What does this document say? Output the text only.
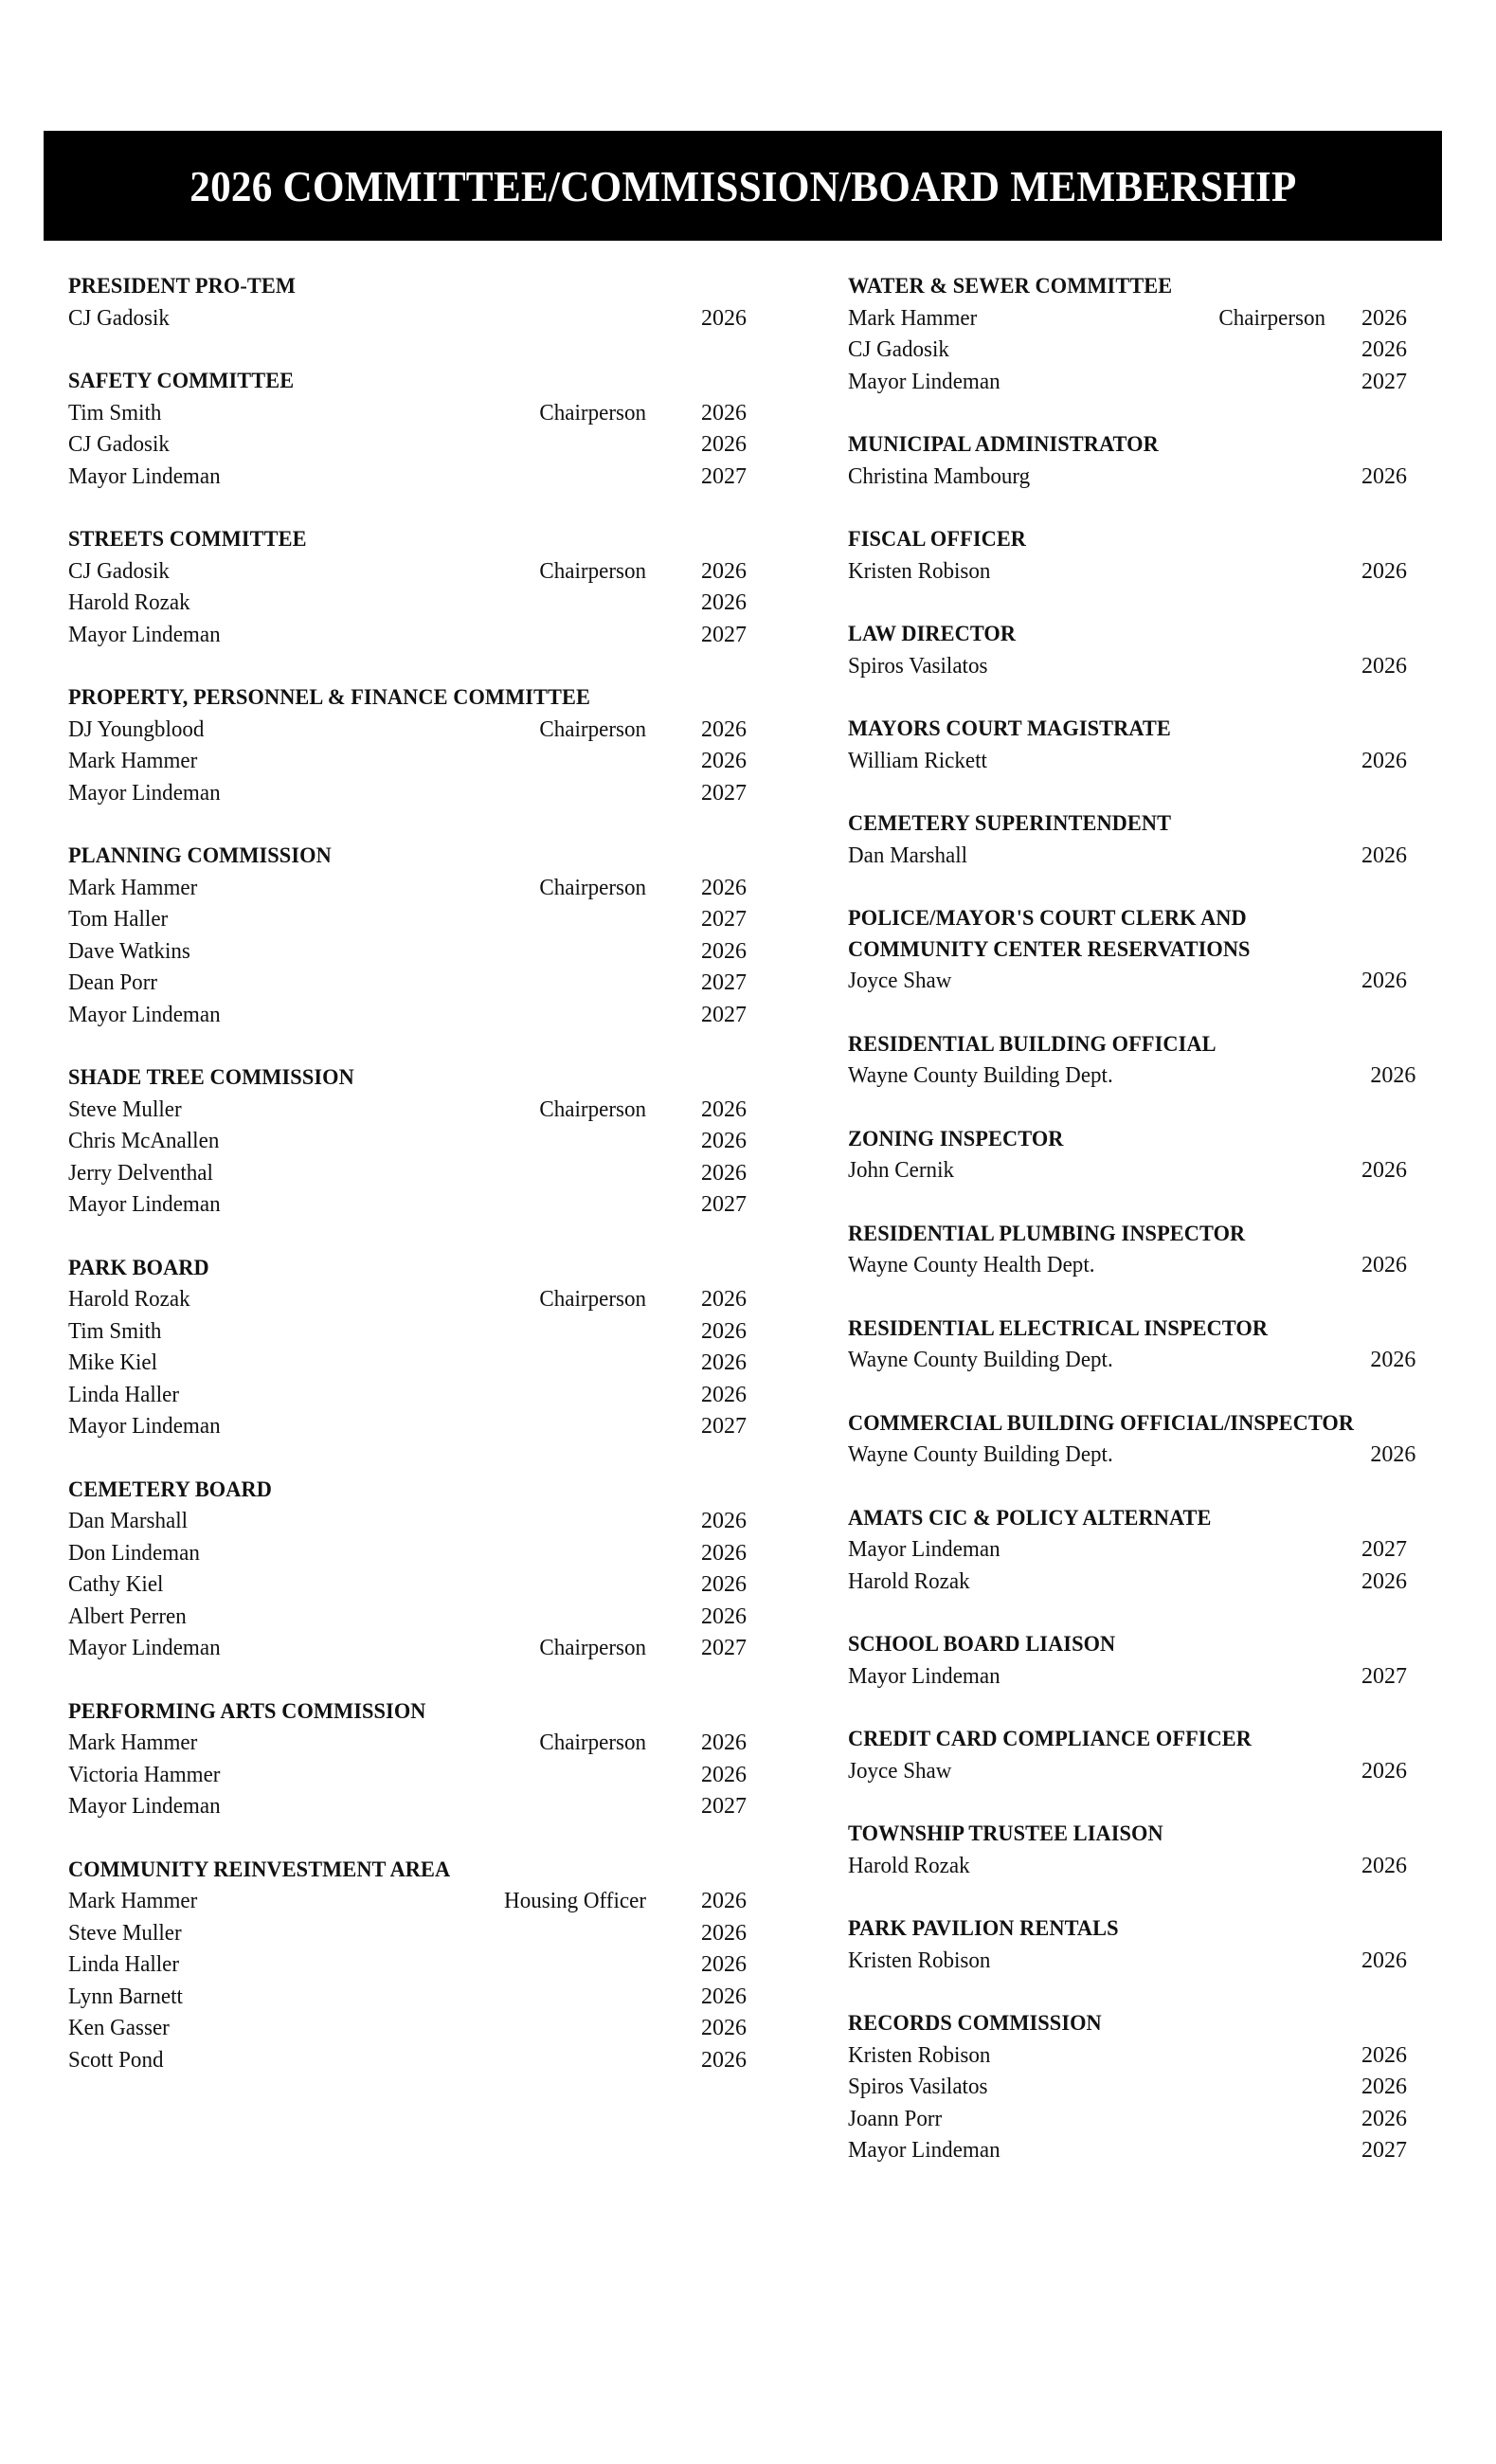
2026 COMMITTEE/COMMISSION/BOARD MEMBERSHIP
PRESIDENT PRO-TEM
CJ Gadosik	2026
SAFETY COMMITTEE
Tim Smith	Chairperson	2026
CJ Gadosik	2026
Mayor Lindeman	2027
STREETS COMMITTEE
CJ Gadosik	Chairperson	2026
Harold Rozak	2026
Mayor Lindeman	2027
PROPERTY, PERSONNEL & FINANCE COMMITTEE
DJ Youngblood	Chairperson	2026
Mark Hammer	2026
Mayor Lindeman	2027
PLANNING COMMISSION
Mark Hammer	Chairperson	2026
Tom Haller	2027
Dave Watkins	2026
Dean Porr	2027
Mayor Lindeman	2027
SHADE TREE COMMISSION
Steve Muller	Chairperson	2026
Chris McAnallen	2026
Jerry Delventhal	2026
Mayor Lindeman	2027
PARK BOARD
Harold Rozak	Chairperson	2026
Tim Smith	2026
Mike Kiel	2026
Linda Haller	2026
Mayor Lindeman	2027
CEMETERY BOARD
Dan Marshall	2026
Don Lindeman	2026
Cathy Kiel	2026
Albert Perren	2026
Mayor Lindeman	Chairperson	2027
PERFORMING ARTS COMMISSION
Mark Hammer	Chairperson	2026
Victoria Hammer	2026
Mayor Lindeman	2027
COMMUNITY REINVESTMENT AREA
Mark Hammer	Housing Officer	2026
Steve Muller	2026
Linda Haller	2026
Lynn Barnett	2026
Ken Gasser	2026
Scott Pond	2026
WATER & SEWER COMMITTEE
Mark Hammer	Chairperson	2026
CJ Gadosik	2026
Mayor Lindeman	2027
MUNICIPAL ADMINISTRATOR
Christina Mambourg	2026
FISCAL OFFICER
Kristen Robison	2026
LAW DIRECTOR
Spiros Vasilatos	2026
MAYORS COURT MAGISTRATE
William Rickett	2026
CEMETERY SUPERINTENDENT
Dan Marshall	2026
POLICE/MAYOR'S COURT CLERK AND
COMMUNITY CENTER RESERVATIONS
Joyce Shaw	2026
RESIDENTIAL BUILDING OFFICIAL
Wayne County Building Dept.	2026
ZONING INSPECTOR
John Cernik	2026
RESIDENTIAL PLUMBING INSPECTOR
Wayne County Health Dept.	2026
RESIDENTIAL ELECTRICAL INSPECTOR
Wayne County Building Dept.	2026
COMMERCIAL BUILDING OFFICIAL/INSPECTOR
Wayne County Building Dept.	2026
AMATS CIC & POLICY ALTERNATE
Mayor Lindeman	2027
Harold Rozak	2026
SCHOOL BOARD LIAISON
Mayor Lindeman	2027
CREDIT CARD COMPLIANCE OFFICER
Joyce Shaw	2026
TOWNSHIP TRUSTEE LIAISON
Harold Rozak	2026
PARK PAVILION RENTALS
Kristen Robison	2026
RECORDS COMMISSION
Kristen Robison	2026
Spiros Vasilatos	2026
Joann Porr	2026
Mayor Lindeman	2027
